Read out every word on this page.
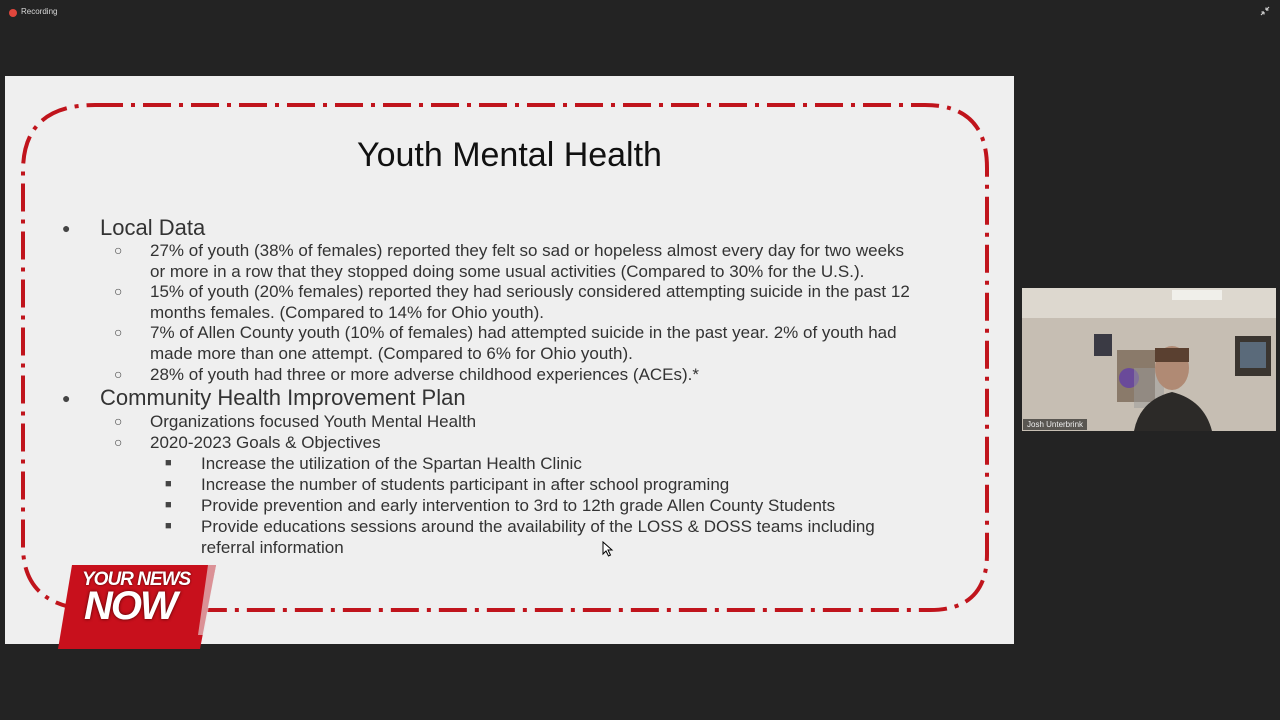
Recording
Youth Mental Health
● Local Data
○ 27% of youth (38% of females) reported they felt so sad or hopeless almost every day for two weeks
or more in a row that they stopped doing some usual activities (Compared to 30% for the U.S.).
○ 15% of youth (20% females) reported they had seriously considered attempting suicide in the past 12
months females. (Compared to 14% for Ohio youth).
○ 7% of Allen County youth (10% of females) had attempted suicide in the past year. 2% of youth had
made more than one attempt. (Compared to 6% for Ohio youth).
○ 28% of youth had three or more adverse childhood experiences (ACEs).*
● Community Health Improvement Plan
○ Organizations focused Youth Mental Health
○ 2020-2023 Goals & Objectives
■ Increase the utilization of the Spartan Health Clinic
■ Increase the number of students participant in after school programing
■ Provide prevention and early intervention to 3rd to 12th grade Allen County Students
■ Provide educations sessions around the availability of the LOSS & DOSS teams including
referral information
YOUR NEWS
NOW
Josh Unterbrink
